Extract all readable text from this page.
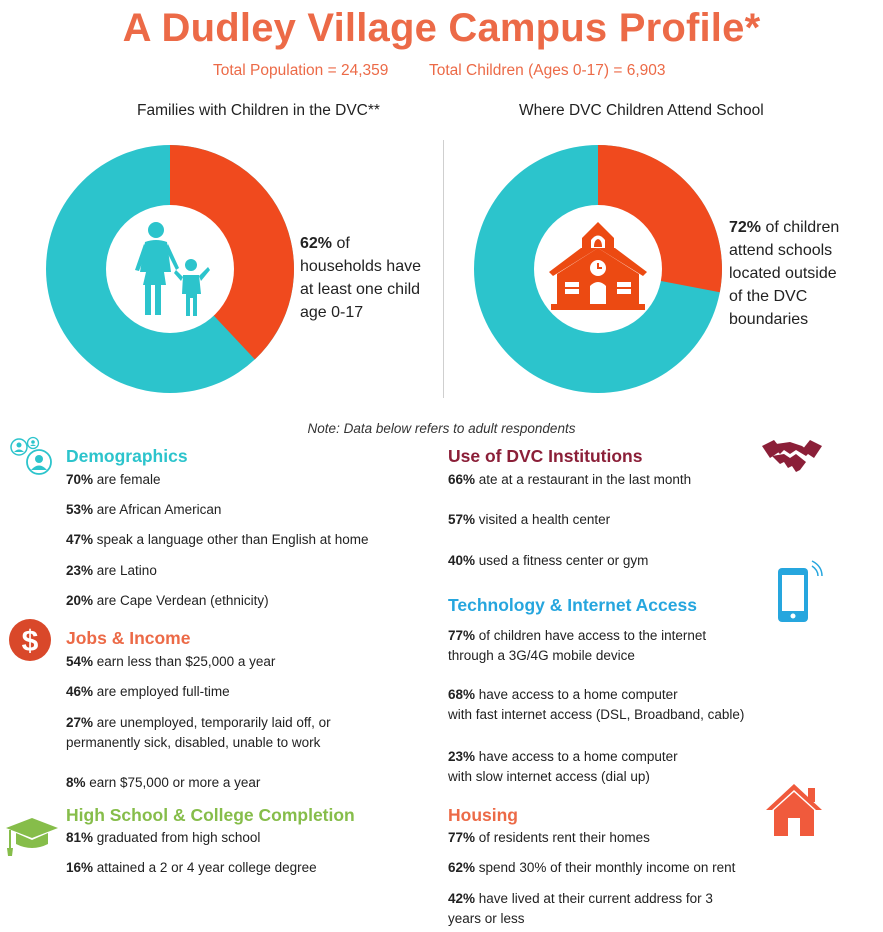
A Dudley Village Campus Profile*
Total Population = 24,359	Total Children (Ages 0-17) = 6,903
Families with Children in the DVC**	Where DVC Children Attend School
62% of
households have
at least one child
age 0-17
72% of children
attend schools
located outside
of the DVC
boundaries
Note: Data below refers to adult respondents
Demographics
70% are female
53% are African American
47% speak a language other than English at home
23% are Latino
20% are Cape Verdean (ethnicity)
$ Jobs & Income
54% earn less than $25,000 a year
46% are employed full-time
27% are unemployed, temporarily laid off, or
permanently sick, disabled, unable to work
8% earn $75,000 or more a year
High School & College Completion
81% graduated from high school
16% attained a 2 or 4 year college degree
Use of DVC Institutions
66% ate at a restaurant in the last month
57% visited a health center
40% used a fitness center or gym
Technology & Internet Access
77% of children have access to the internet
through a 3G/4G mobile device
68% have access to a home computer
with fast internet access (DSL, Broadband, cable)
23% have access to a home computer
with slow internet access (dial up)
Housing
77% of residents rent their homes
62% spend 30% of their monthly income on rent
42% have lived at their current address for 3
years or less
